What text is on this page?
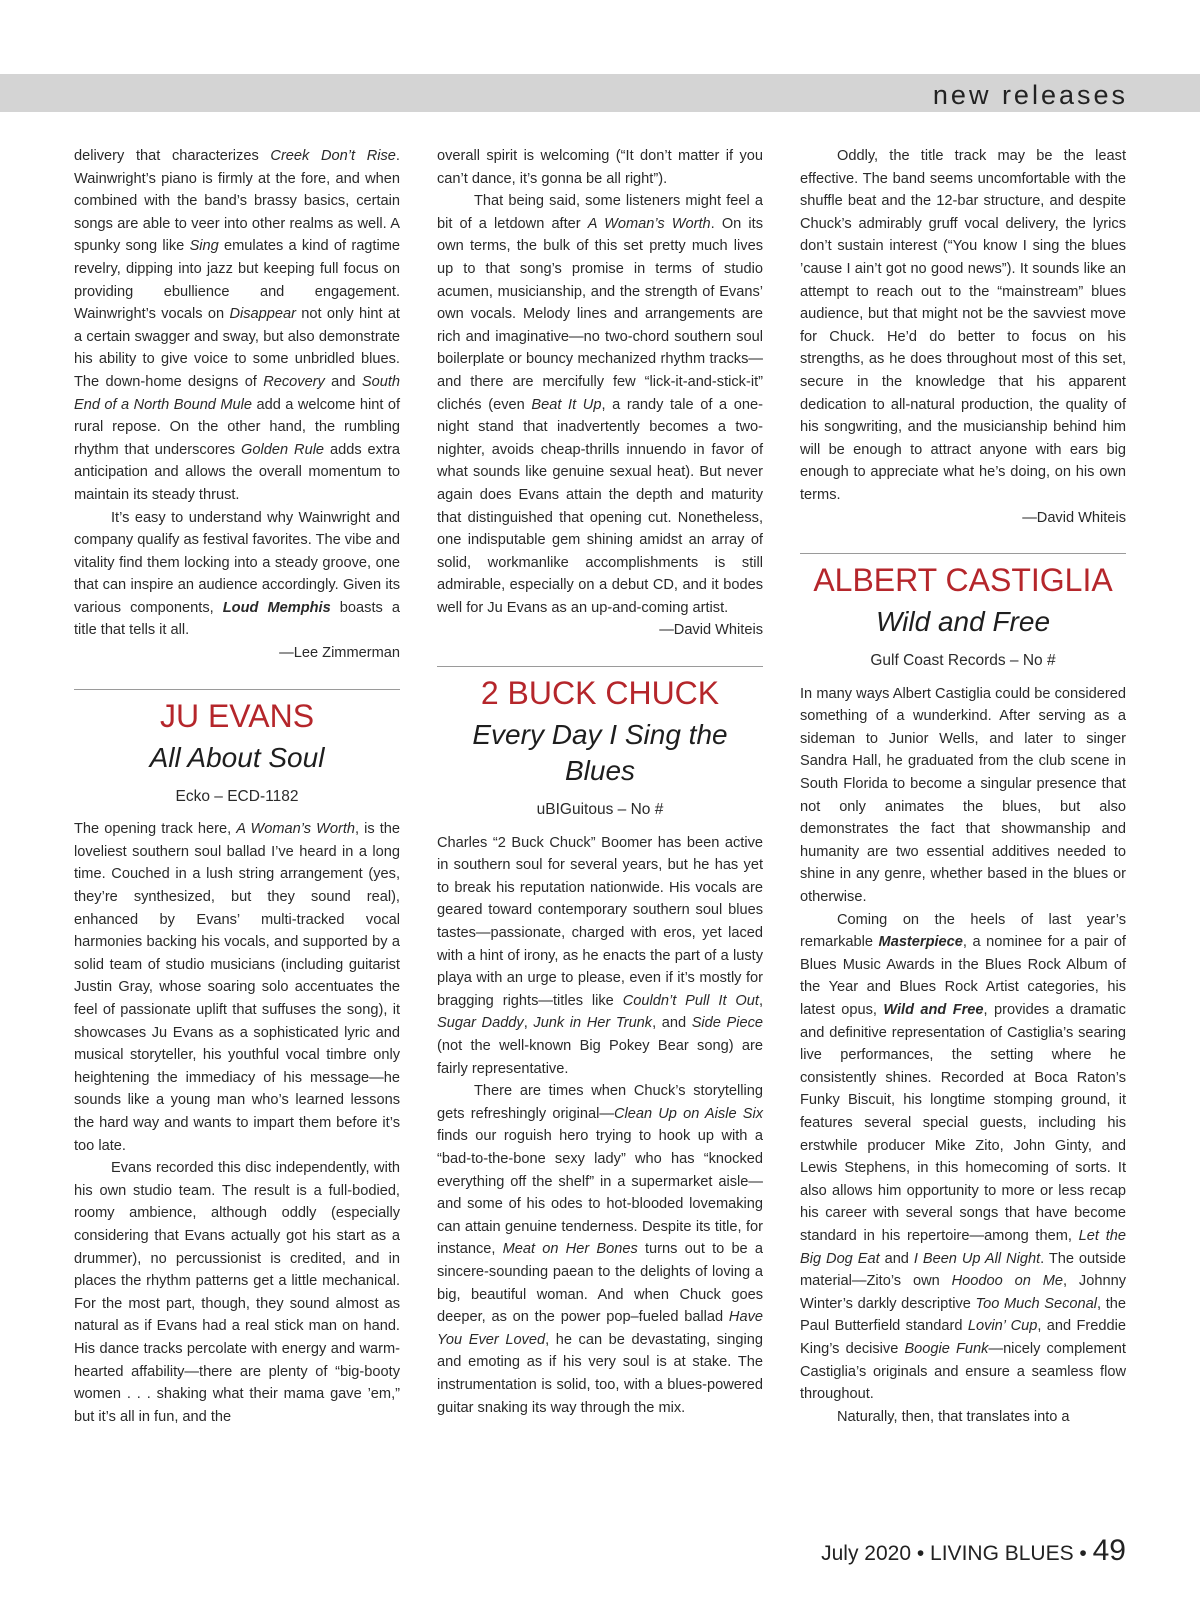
new releases

delivery that characterizes Creek Don’t Rise. Wainwright’s piano is firmly at the fore, and when combined with the band’s brassy basics, certain songs are able to veer into other realms as well. A spunky song like Sing emulates a kind of ragtime revelry, dipping into jazz but keeping full focus on providing ebullience and engagement. Wainwright’s vocals on Disappear not only hint at a certain swagger and sway, but also demonstrate his ability to give voice to some unbridled blues. The down-home designs of Recovery and South End of a North Bound Mule add a welcome hint of rural repose. On the other hand, the rumbling rhythm that underscores Golden Rule adds extra anticipation and allows the overall momentum to maintain its steady thrust.

It’s easy to understand why Wainwright and company qualify as festival favorites. The vibe and vitality find them locking into a steady groove, one that can inspire an audience accordingly. Given its various components, Loud Memphis boasts a title that tells it all.

—Lee Zimmerman

JU EVANS

All About Soul

Ecko – ECD-1182

The opening track here, A Woman’s Worth, is the loveliest southern soul ballad I’ve heard in a long time. Couched in a lush string arrangement (yes, they’re synthesized, but they sound real), enhanced by Evans’ multi-tracked vocal harmonies backing his vocals, and supported by a solid team of studio musicians (including guitarist Justin Gray, whose soaring solo accentuates the feel of passionate uplift that suffuses the song), it showcases Ju Evans as a sophisticated lyric and musical storyteller, his youthful vocal timbre only heightening the immediacy of his message—he sounds like a young man who’s learned lessons the hard way and wants to impart them before it’s too late.

Evans recorded this disc independently, with his own studio team. The result is a full-bodied, roomy ambience, although oddly (especially considering that Evans actually got his start as a drummer), no percussionist is credited, and in places the rhythm patterns get a little mechanical. For the most part, though, they sound almost as natural as if Evans had a real stick man on hand. His dance tracks percolate with energy and warm-hearted affability—there are plenty of “big-booty women . . . shaking what their mama gave ’em,” but it’s all in fun, and the

overall spirit is welcoming (“It don’t matter if you can’t dance, it’s gonna be all right”).

That being said, some listeners might feel a bit of a letdown after A Woman’s Worth. On its own terms, the bulk of this set pretty much lives up to that song’s promise in terms of studio acumen, musicianship, and the strength of Evans’ own vocals. Melody lines and arrangements are rich and imaginative—no two-chord southern soul boilerplate or bouncy mechanized rhythm tracks—and there are mercifully few “lick-it-and-stick-it” clichés (even Beat It Up, a randy tale of a one-night stand that inadvertently becomes a two-nighter, avoids cheap-thrills innuendo in favor of what sounds like genuine sexual heat). But never again does Evans attain the depth and maturity that distinguished that opening cut. Nonetheless, one indisputable gem shining amidst an array of solid, workmanlike accomplishments is still admirable, especially on a debut CD, and it bodes well for Ju Evans as an up-and-coming artist.

—David Whiteis

2 BUCK CHUCK

Every Day I Sing the Blues

uBIGuitous – No #

Charles “2 Buck Chuck” Boomer has been active in southern soul for several years, but he has yet to break his reputation nationwide. His vocals are geared toward contemporary southern soul blues tastes—passionate, charged with eros, yet laced with a hint of irony, as he enacts the part of a lusty playa with an urge to please, even if it’s mostly for bragging rights—titles like Couldn’t Pull It Out, Sugar Daddy, Junk in Her Trunk, and Side Piece (not the well-known Big Pokey Bear song) are fairly representative.

There are times when Chuck’s storytelling gets refreshingly original—Clean Up on Aisle Six finds our roguish hero trying to hook up with a “bad-to-the-bone sexy lady” who has “knocked everything off the shelf” in a supermarket aisle—and some of his odes to hot-blooded lovemaking can attain genuine tenderness. Despite its title, for instance, Meat on Her Bones turns out to be a sincere-sounding paean to the delights of loving a big, beautiful woman. And when Chuck goes deeper, as on the power pop–fueled ballad Have You Ever Loved, he can be devastating, singing and emoting as if his very soul is at stake. The instrumentation is solid, too, with a blues-powered guitar snaking its way through the mix.

Oddly, the title track may be the least effective. The band seems uncomfortable with the shuffle beat and the 12-bar structure, and despite Chuck’s admirably gruff vocal delivery, the lyrics don’t sustain interest (“You know I sing the blues ’cause I ain’t got no good news”). It sounds like an attempt to reach out to the “mainstream” blues audience, but that might not be the savviest move for Chuck. He’d do better to focus on his strengths, as he does throughout most of this set, secure in the knowledge that his apparent dedication to all-natural production, the quality of his songwriting, and the musicianship behind him will be enough to attract anyone with ears big enough to appreciate what he’s doing, on his own terms.

—David Whiteis

ALBERT CASTIGLIA

Wild and Free

Gulf Coast Records – No #

In many ways Albert Castiglia could be considered something of a wunderkind. After serving as a sideman to Junior Wells, and later to singer Sandra Hall, he graduated from the club scene in South Florida to become a singular presence that not only animates the blues, but also demonstrates the fact that showmanship and humanity are two essential additives needed to shine in any genre, whether based in the blues or otherwise.

Coming on the heels of last year’s remarkable Masterpiece, a nominee for a pair of Blues Music Awards in the Blues Rock Album of the Year and Blues Rock Artist categories, his latest opus, Wild and Free, provides a dramatic and definitive representation of Castiglia’s searing live performances, the setting where he consistently shines. Recorded at Boca Raton’s Funky Biscuit, his longtime stomping ground, it features several special guests, including his erstwhile producer Mike Zito, John Ginty, and Lewis Stephens, in this homecoming of sorts. It also allows him opportunity to more or less recap his career with several songs that have become standard in his repertoire—among them, Let the Big Dog Eat and I Been Up All Night. The outside material—Zito’s own Hoodoo on Me, Johnny Winter’s darkly descriptive Too Much Seconal, the Paul Butterfield standard Lovin’ Cup, and Freddie King’s decisive Boogie Funk—nicely complement Castiglia’s originals and ensure a seamless flow throughout.

Naturally, then, that translates into a

July 2020 • LIVING BLUES • 49
